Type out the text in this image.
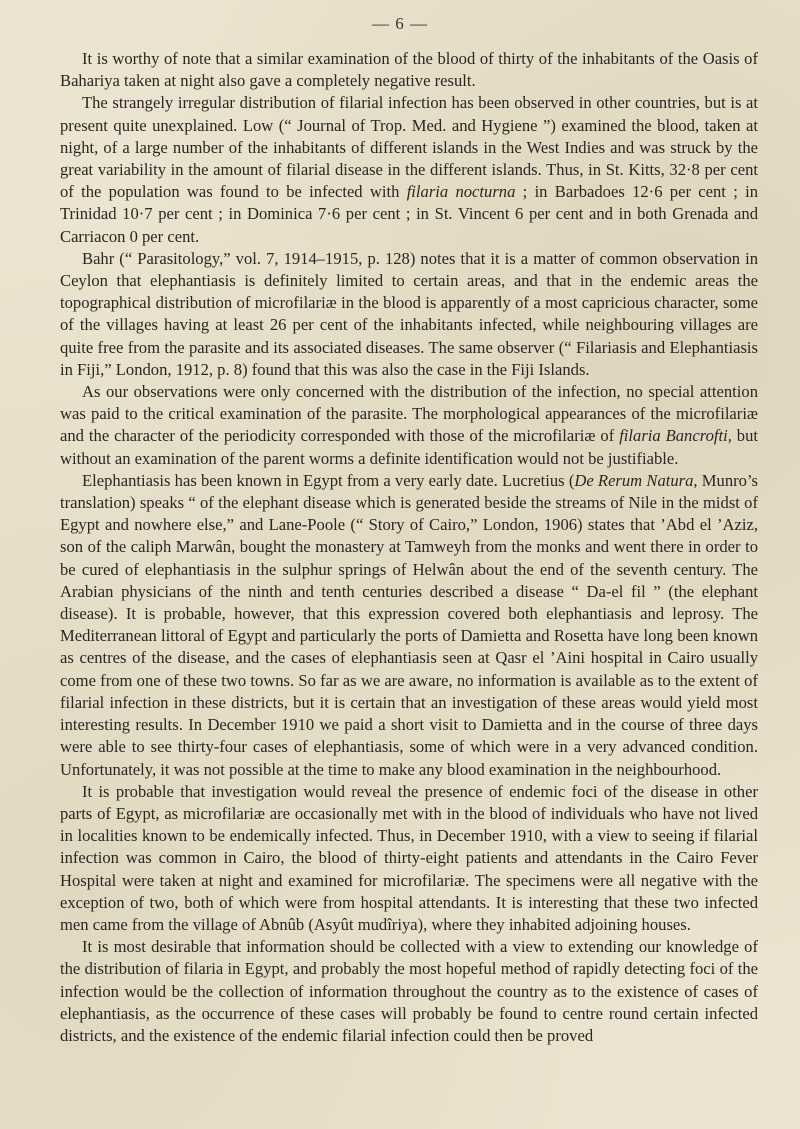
— 6 —

It is worthy of note that a similar examination of the blood of thirty of the inhabitants of the Oasis of Bahariya taken at night also gave a completely negative result.

The strangely irregular distribution of filarial infection has been observed in other countries, but is at present quite unexplained. Low (“ Journal of Trop. Med. and Hygiene ”) examined the blood, taken at night, of a large number of the inhabitants of different islands in the West Indies and was struck by the great variability in the amount of filarial disease in the different islands. Thus, in St. Kitts, 32·8 per cent of the population was found to be infected with filaria nocturna ; in Barbadoes 12·6 per cent ; in Trinidad 10·7 per cent ; in Dominica 7·6 per cent ; in St. Vincent 6 per cent and in both Grenada and Carriacon 0 per cent.

Bahr (“ Parasitology,” vol. 7, 1914–1915, p. 128) notes that it is a matter of common observation in Ceylon that elephantiasis is definitely limited to certain areas, and that in the endemic areas the topographical distribution of microfilariæ in the blood is apparently of a most capricious character, some of the villages having at least 26 per cent of the inhabitants infected, while neighbouring villages are quite free from the parasite and its associated diseases. The same observer (“ Filariasis and Elephantiasis in Fiji,” London, 1912, p. 8) found that this was also the case in the Fiji Islands.

As our observations were only concerned with the distribution of the infection, no special attention was paid to the critical examination of the parasite. The morphological appearances of the microfilariæ and the character of the periodicity corresponded with those of the microfilariæ of filaria Bancrofti, but without an examination of the parent worms a definite identification would not be justifiable.

Elephantiasis has been known in Egypt from a very early date. Lucretius (De Rerum Natura, Munro’s translation) speaks “ of the elephant disease which is generated beside the streams of Nile in the midst of Egypt and nowhere else,” and Lane-Poole (“ Story of Cairo,” London, 1906) states that ’Abd el ’Aziz, son of the caliph Marwân, bought the monastery at Tamweyh from the monks and went there in order to be cured of elephantiasis in the sulphur springs of Helwân about the end of the seventh century. The Arabian physicians of the ninth and tenth centuries described a disease “ Da-el fil ” (the elephant disease). It is probable, however, that this expression covered both elephantiasis and leprosy. The Mediterranean littoral of Egypt and particularly the ports of Damietta and Rosetta have long been known as centres of the disease, and the cases of elephantiasis seen at Qasr el ’Aini hospital in Cairo usually come from one of these two towns. So far as we are aware, no information is available as to the extent of filarial infection in these districts, but it is certain that an investigation of these areas would yield most interesting results. In December 1910 we paid a short visit to Damietta and in the course of three days were able to see thirty-four cases of elephantiasis, some of which were in a very advanced condition. Unfortunately, it was not possible at the time to make any blood examination in the neighbourhood.

It is probable that investigation would reveal the presence of endemic foci of the disease in other parts of Egypt, as microfilariæ are occasionally met with in the blood of individuals who have not lived in localities known to be endemically infected. Thus, in December 1910, with a view to seeing if filarial infection was common in Cairo, the blood of thirty-eight patients and attendants in the Cairo Fever Hospital were taken at night and examined for microfilariæ. The specimens were all negative with the exception of two, both of which were from hospital attendants. It is interesting that these two infected men came from the village of Abnûb (Asyût mudîriya), where they inhabited adjoining houses.

It is most desirable that information should be collected with a view to extending our knowledge of the distribution of filaria in Egypt, and probably the most hopeful method of rapidly detecting foci of the infection would be the collection of information throughout the country as to the existence of cases of elephantiasis, as the occurrence of these cases will probably be found to centre round certain infected districts, and the existence of the endemic filarial infection could then be proved
